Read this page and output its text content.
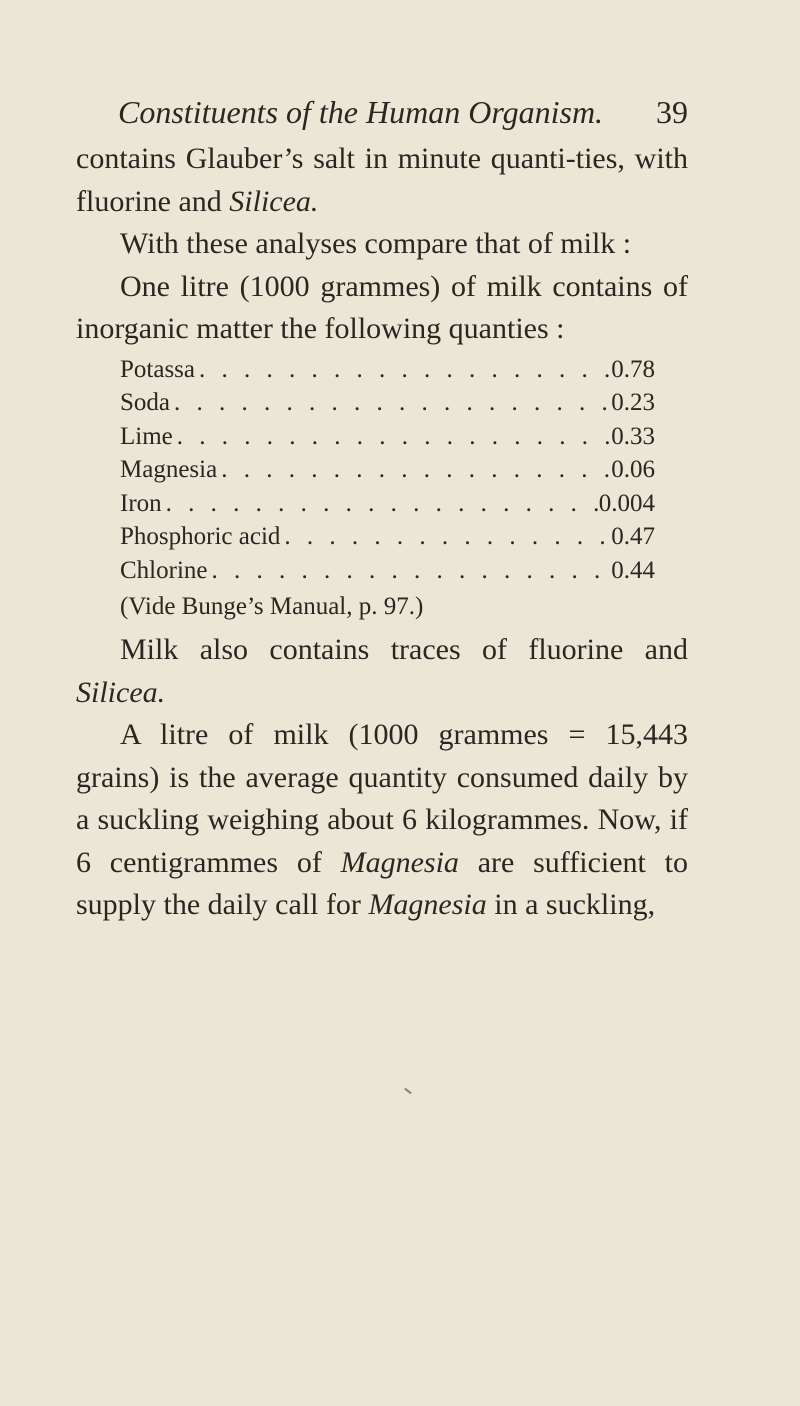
Constituents of the Human Organism. 39

contains Glauber’s salt in minute quanti-ties, with fluorine and Silicea.

With these analyses compare that of milk :

One litre (1000 grammes) of milk contains of inorganic matter the following quanties :

Potassa . . .	0.78
Soda . . .	0.23
Lime . . .	0.33
Magnesia . . .	0.06
Iron . . .	0.004
Phosphoric acid . . .	0.47
Chlorine . . .	0.44
(Vide Bunge’s Manual, p. 97.)

Milk also contains traces of fluorine and Silicea.

A litre of milk (1000 grammes = 15,443 grains) is the average quantity consumed daily by a suckling weighing about 6 kilogrammes. Now, if 6 centigrammes of Magnesia are sufficient to supply the daily call for Magnesia in a suckling,
